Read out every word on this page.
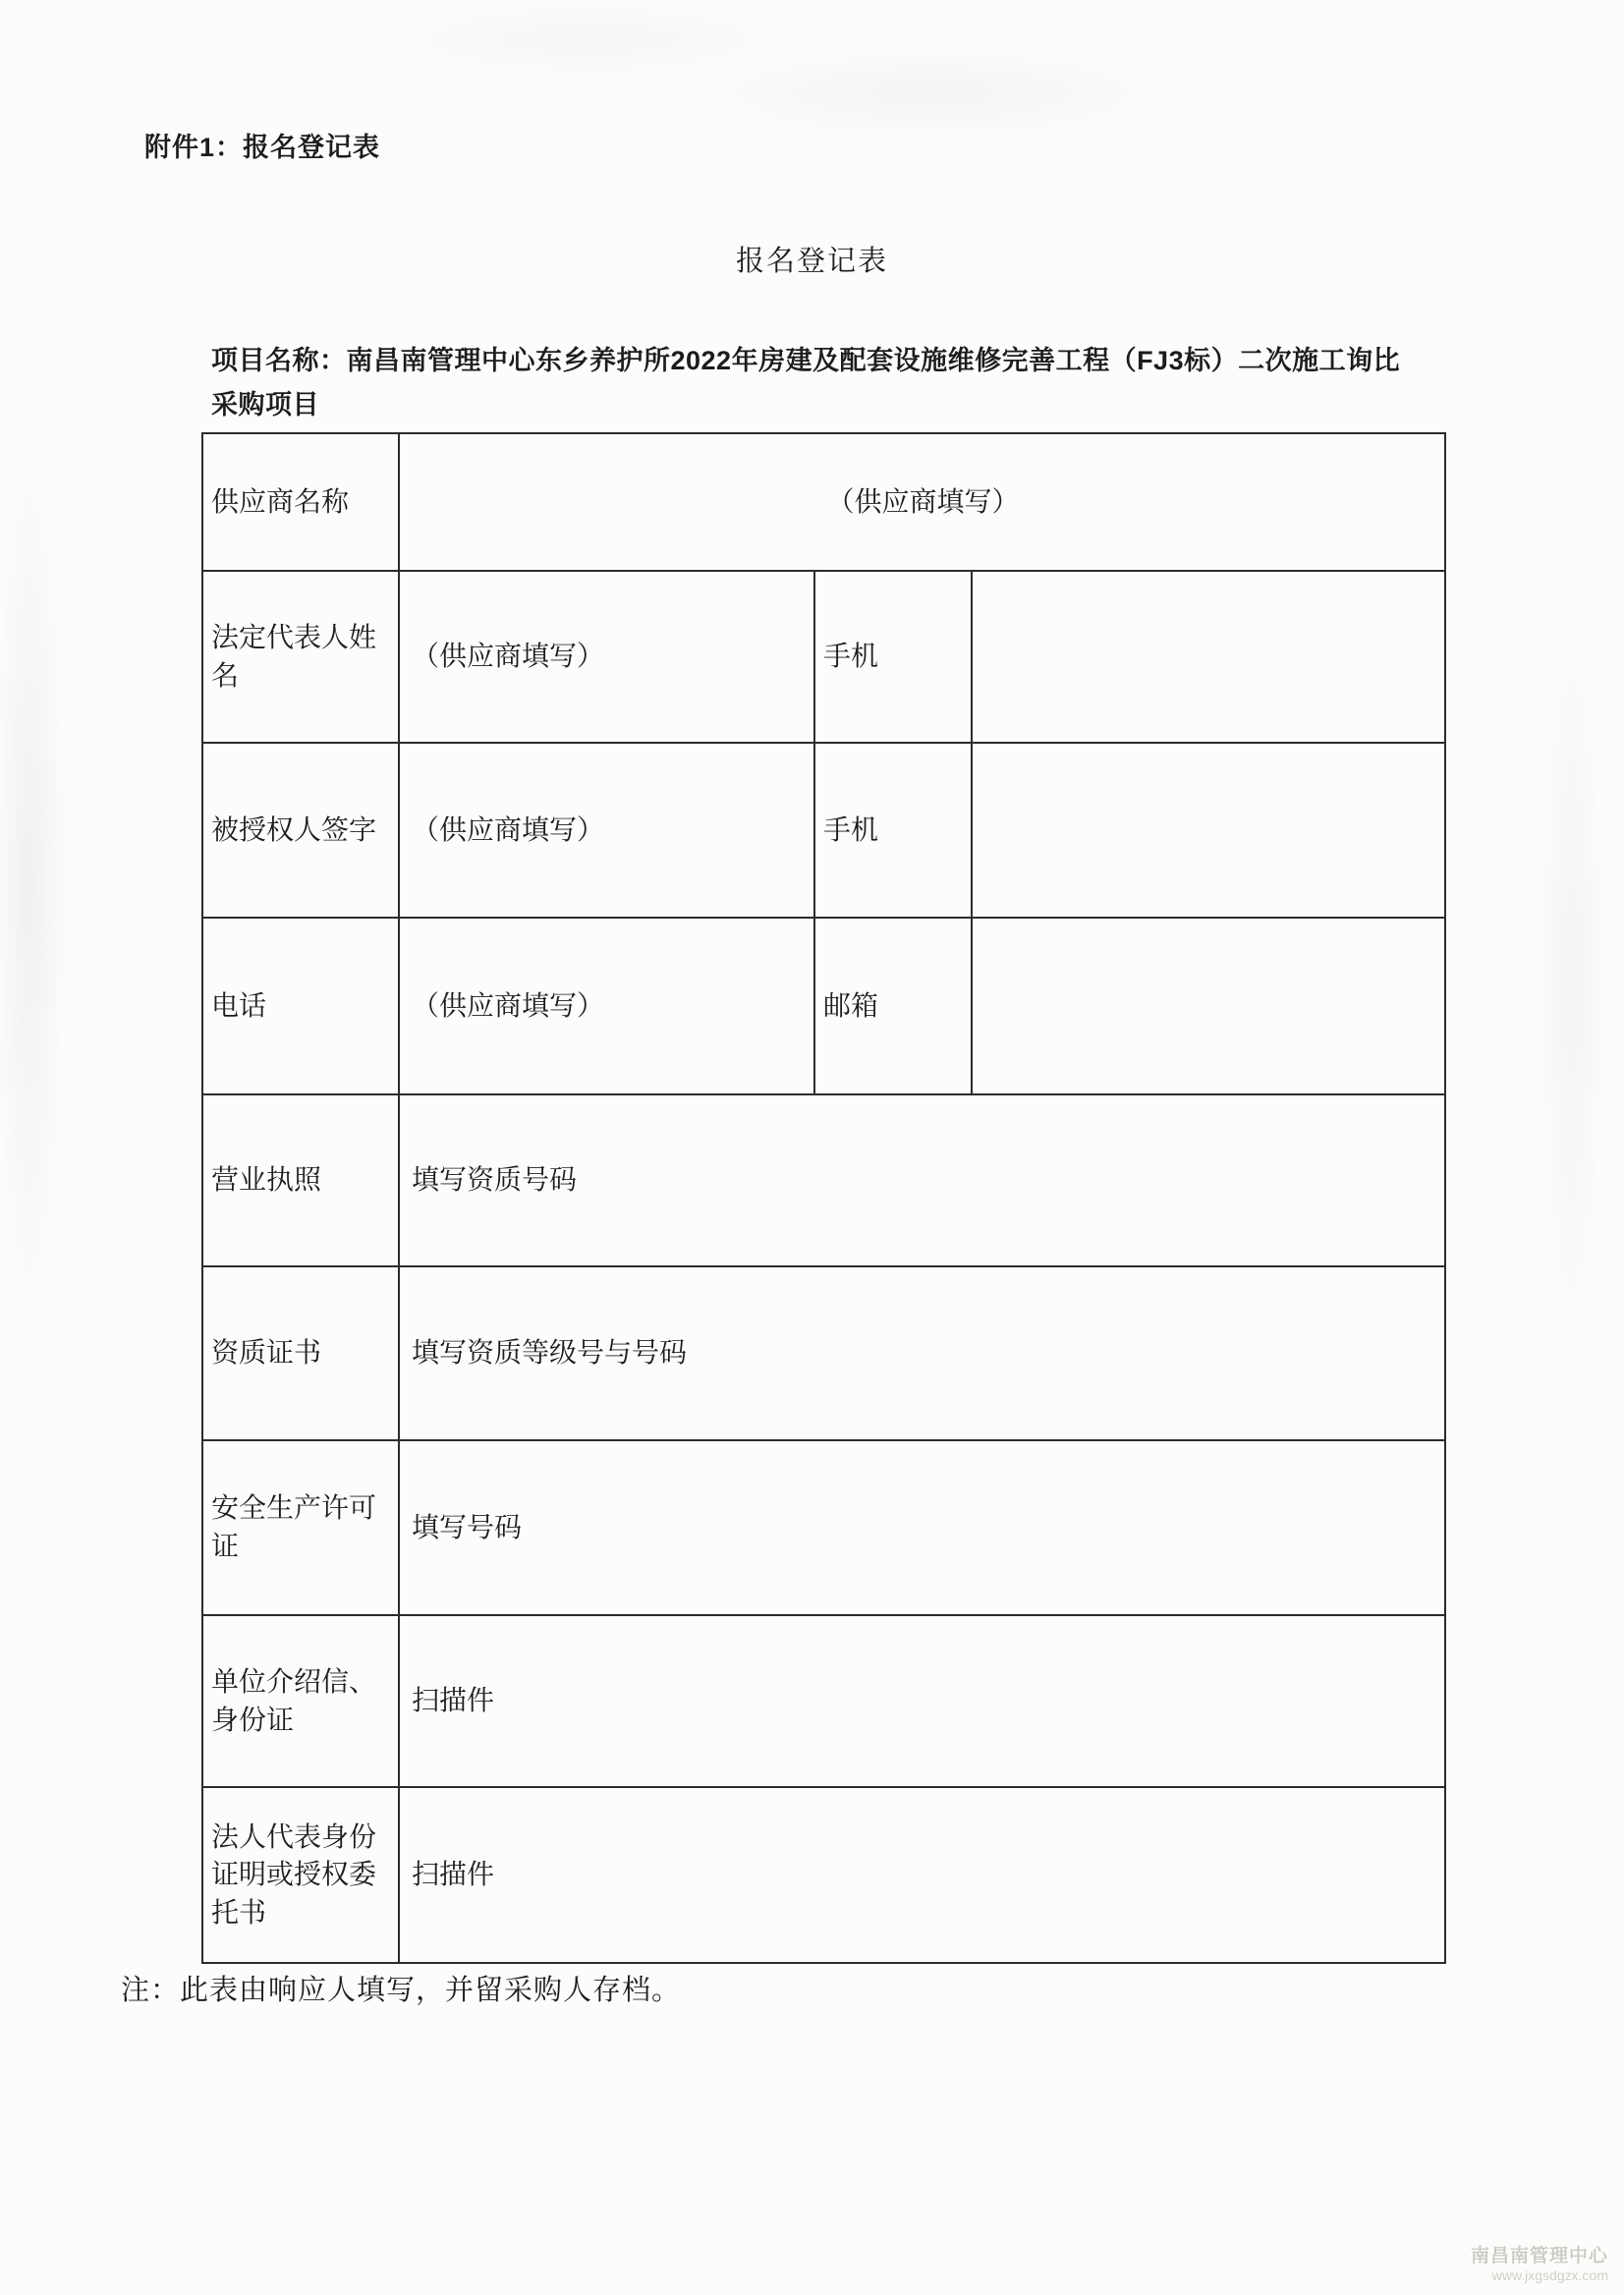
附件1：报名登记表
报名登记表
项目名称：南昌南管理中心东乡养护所2022年房建及配套设施维修完善工程（FJ3标）二次施工询比采购项目
供应商名称	（供应商填写）		
法定代表人姓名	（供应商填写）	手机	
被授权人签字	（供应商填写）	手机	
电话	（供应商填写）	邮箱	
营业执照	填写资质号码		
资质证书	填写资质等级号与号码		
安全生产许可证	填写号码		
单位介绍信、身份证	扫描件		
法人代表身份证明或授权委托书	扫描件		
注：此表由响应人填写，并留采购人存档。
南昌南管理中心
www.jxgsdgzx.com
